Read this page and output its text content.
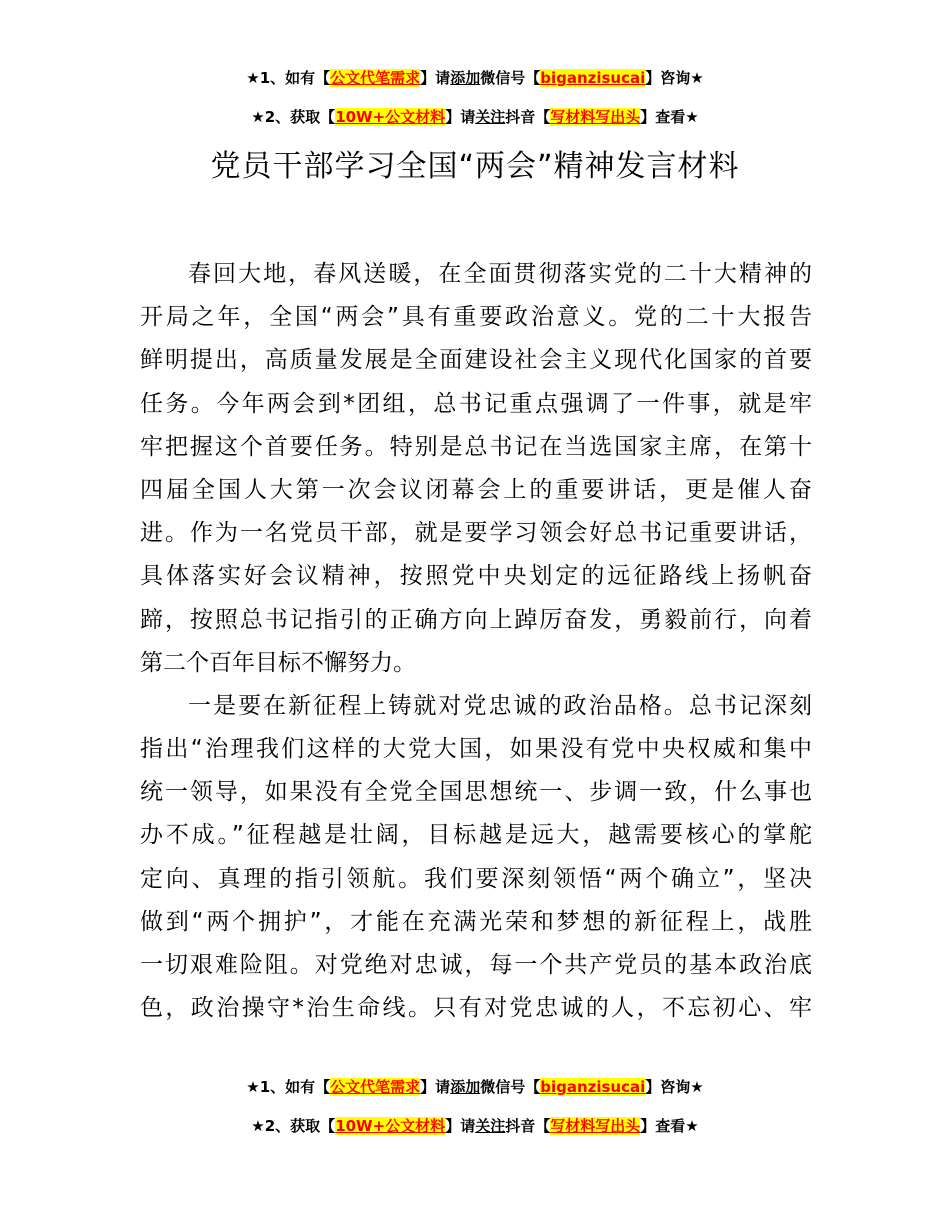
★1、如有【公文代笔需求】请添加微信号【biganzisucai】咨询★
★2、获取【10W+公文材料】请关注抖音【写材料写出头】查看★
党员干部学习全国“两会”精神发言材料
春回大地，春风送暖，在全面贯彻落实党的二十大精神的
开局之年，全国“两会”具有重要政治意义。党的二十大报告
鲜明提出，高质量发展是全面建设社会主义现代化国家的首要
任务。今年两会到*团组，总书记重点强调了一件事，就是牢
牢把握这个首要任务。特别是总书记在当选国家主席，在第十
四届全国人大第一次会议闭幕会上的重要讲话，更是催人奋
进。作为一名党员干部，就是要学习领会好总书记重要讲话，
具体落实好会议精神，按照党中央划定的远征路线上扬帆奋
蹄，按照总书记指引的正确方向上踔厉奋发，勇毅前行，向着
第二个百年目标不懈努力。
一是要在新征程上铸就对党忠诚的政治品格。总书记深刻
指出“治理我们这样的大党大国，如果没有党中央权威和集中
统一领导，如果没有全党全国思想统一、步调一致，什么事也
办不成。”征程越是壮阔，目标越是远大，越需要核心的掌舵
定向、真理的指引领航。我们要深刻领悟“两个确立”，坚决
做到“两个拥护”，才能在充满光荣和梦想的新征程上，战胜
一切艰难险阻。对党绝对忠诚，每一个共产党员的基本政治底
色，政治操守*治生命线。只有对党忠诚的人，不忘初心、牢
★1、如有【公文代笔需求】请添加微信号【biganzisucai】咨询★
★2、获取【10W+公文材料】请关注抖音【写材料写出头】查看★
